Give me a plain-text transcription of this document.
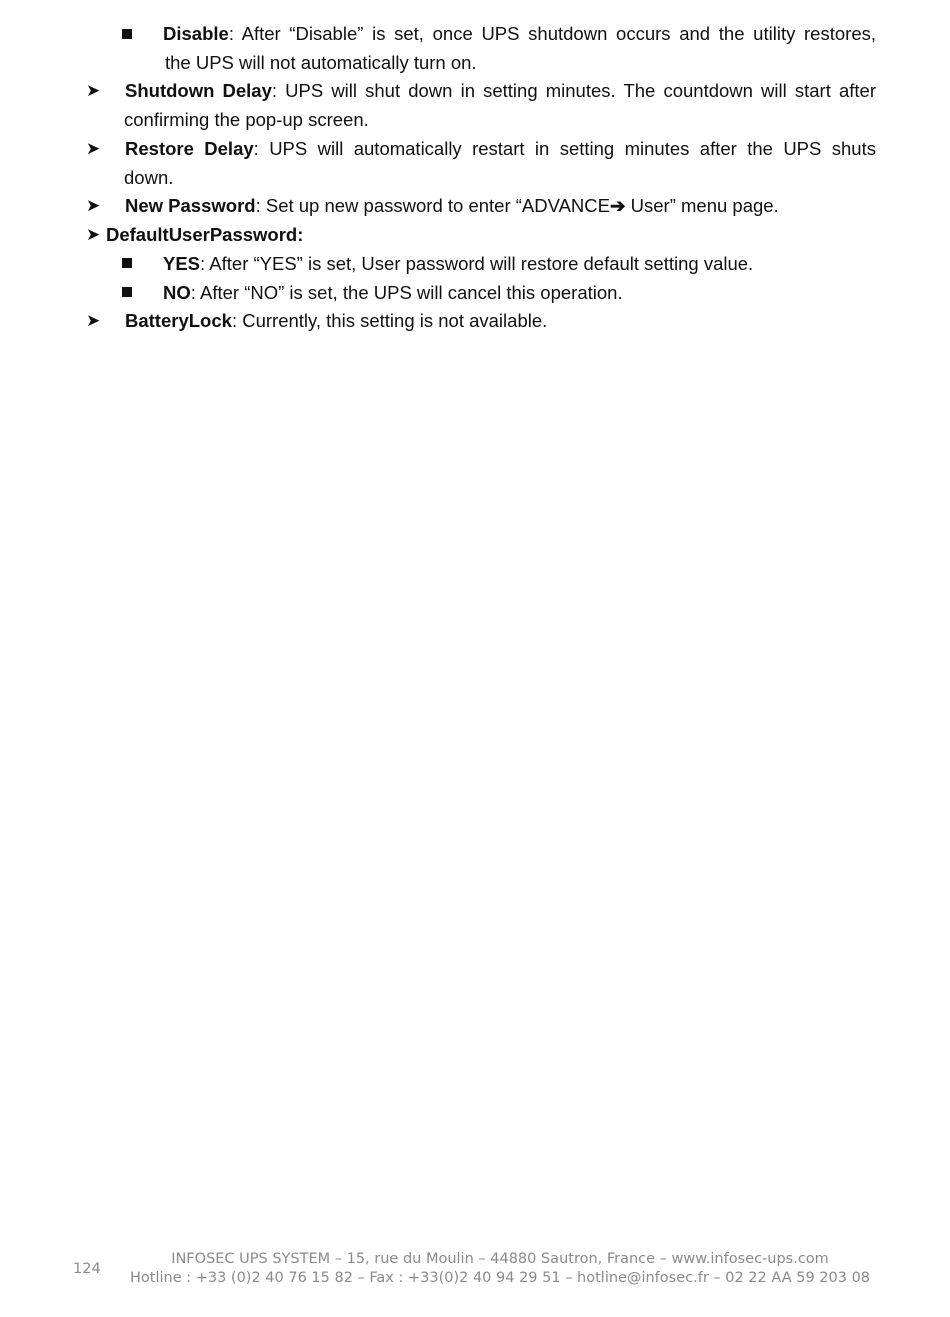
Disable: After “Disable” is set, once UPS shutdown occurs and the utility restores,
the UPS will not automatically turn on.
➤ Shutdown Delay: UPS will shut down in setting minutes. The countdown will start after
confirming the pop-up screen.
➤ Restore Delay: UPS will automatically restart in setting minutes after the UPS shuts
down.
➤ New Password: Set up new password to enter “ADVANCE➔ User” menu page.
➤ DefaultUserPassword:
YES: After “YES” is set, User password will restore default setting value.
NO: After “NO” is set, the UPS will cancel this operation.
➤ BatteryLock: Currently, this setting is not available.
124
INFOSEC UPS SYSTEM – 15, rue du Moulin – 44880 Sautron, France – www.infosec-ups.com
Hotline : +33 (0)2 40 76 15 82 – Fax : +33(0)2 40 94 29 51 – hotline@infosec.fr – 02 22 AA 59 203 08
